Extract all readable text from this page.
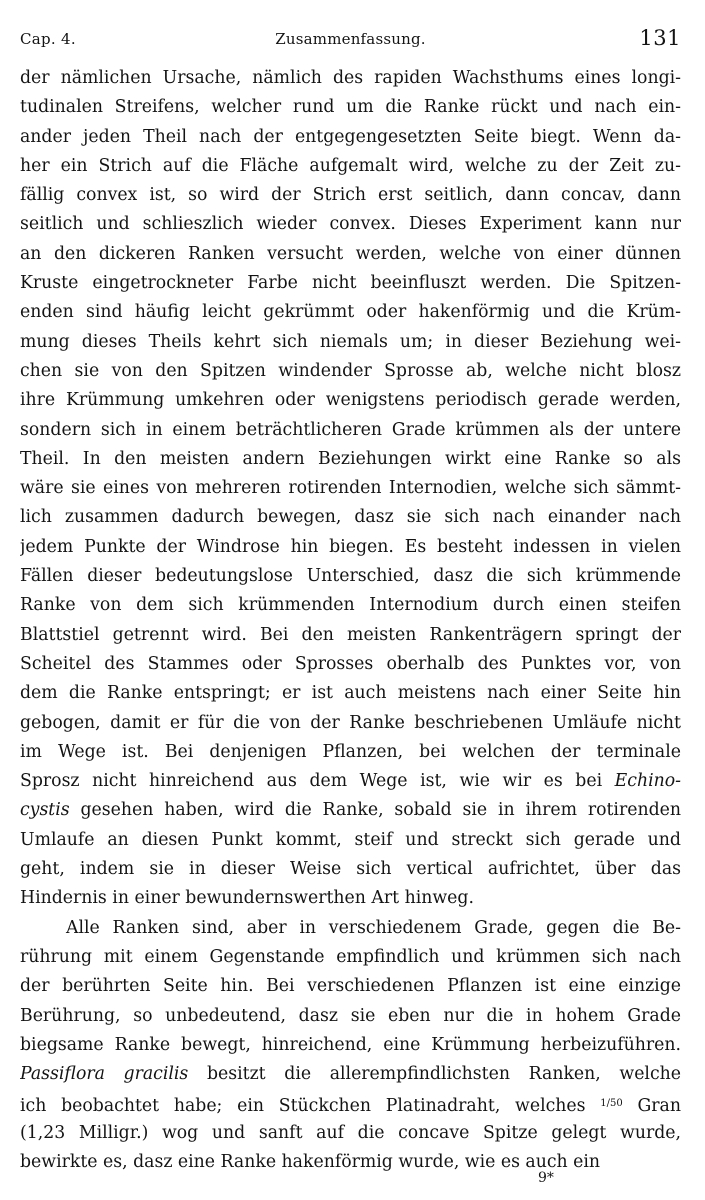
Cap. 4.	Zusammenfassung.	131
der nämlichen Ursache, nämlich des rapiden Wachsthums eines longi-
tudinalen Streifens, welcher rund um die Ranke rückt und nach ein-
ander jeden Theil nach der entgegengesetzten Seite biegt. Wenn da-
her ein Strich auf die Fläche aufgemalt wird, welche zu der Zeit zu-
fällig convex ist, so wird der Strich erst seitlich, dann concav, dann
seitlich und schlieszlich wieder convex. Dieses Experiment kann nur
an den dickeren Ranken versucht werden, welche von einer dünnen
Kruste eingetrockneter Farbe nicht beeinfluszt werden. Die Spitzen-
enden sind häufig leicht gekrümmt oder hakenförmig und die Krüm-
mung dieses Theils kehrt sich niemals um; in dieser Beziehung wei-
chen sie von den Spitzen windender Sprosse ab, welche nicht blosz
ihre Krümmung umkehren oder wenigstens periodisch gerade werden,
sondern sich in einem beträchtlicheren Grade krümmen als der untere
Theil. In den meisten andern Beziehungen wirkt eine Ranke so als
wäre sie eines von mehreren rotirenden Internodien, welche sich sämmt-
lich zusammen dadurch bewegen, dasz sie sich nach einander nach
jedem Punkte der Windrose hin biegen. Es besteht indessen in vielen
Fällen dieser bedeutungslose Unterschied, dasz die sich krümmende
Ranke von dem sich krümmenden Internodium durch einen steifen
Blattstiel getrennt wird. Bei den meisten Rankenträgern springt der
Scheitel des Stammes oder Sprosses oberhalb des Punktes vor, von
dem die Ranke entspringt; er ist auch meistens nach einer Seite hin
gebogen, damit er für die von der Ranke beschriebenen Umläufe nicht
im Wege ist. Bei denjenigen Pflanzen, bei welchen der terminale
Sprosz nicht hinreichend aus dem Wege ist, wie wir es bei Echino-
cystis gesehen haben, wird die Ranke, sobald sie in ihrem rotirenden
Umlaufe an diesen Punkt kommt, steif und streckt sich gerade und
geht, indem sie in dieser Weise sich vertical aufrichtet, über das
Hindernis in einer bewundernswerthen Art hinweg.
Alle Ranken sind, aber in verschiedenem Grade, gegen die Be-
rührung mit einem Gegenstande empfindlich und krümmen sich nach
der berührten Seite hin. Bei verschiedenen Pflanzen ist eine einzige
Berührung, so unbedeutend, dasz sie eben nur die in hohem Grade
biegsame Ranke bewegt, hinreichend, eine Krümmung herbeizuführen.
Passiflora gracilis besitzt die allerempfindlichsten Ranken, welche
ich beobachtet habe; ein Stückchen Platinadraht, welches $^{1/50}$ Gran
(1,23 Milligr.) wog und sanft auf die concave Spitze gelegt wurde,
bewirkte es, dasz eine Ranke hakenförmig wurde, wie es auch ein
9*
